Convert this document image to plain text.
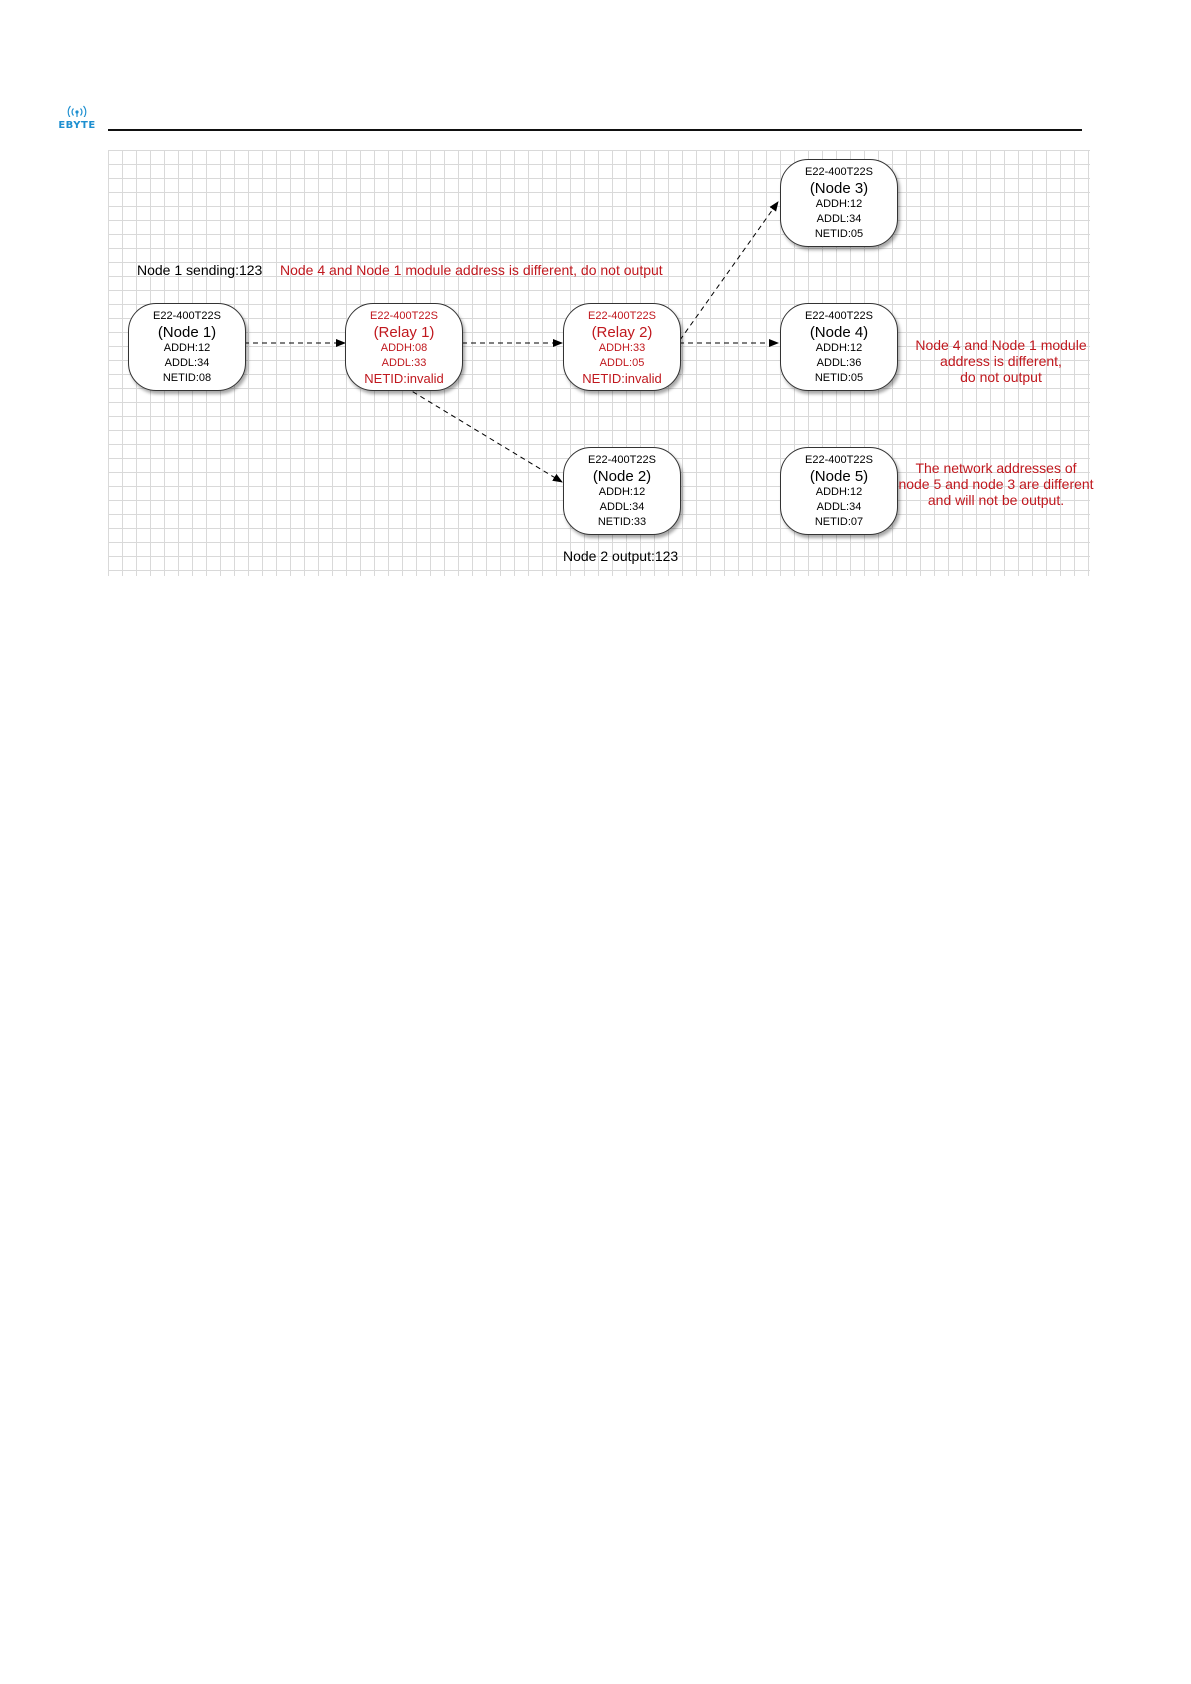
EBYTE
Node 1 sending:123 Node 4 and Node 1 module address is different, do not output
E22-400T22S
(Node 1)
ADDH:12
ADDL:34
NETID:08
E22-400T22S
(Relay 1)
ADDH:08
ADDL:33
NETID:invalid
E22-400T22S
(Relay 2)
ADDH:33
ADDL:05
NETID:invalid
E22-400T22S
(Node 3)
ADDH:12
ADDL:34
NETID:05
E22-400T22S
(Node 4)
ADDH:12
ADDL:36
NETID:05
E22-400T22S
(Node 2)
ADDH:12
ADDL:34
NETID:33
E22-400T22S
(Node 5)
ADDH:12
ADDL:34
NETID:07
Node 4 and Node 1 module
address is different,
do not output
The network addresses of
node 5 and node 3 are different
and will not be output.
Node 2 output:123
